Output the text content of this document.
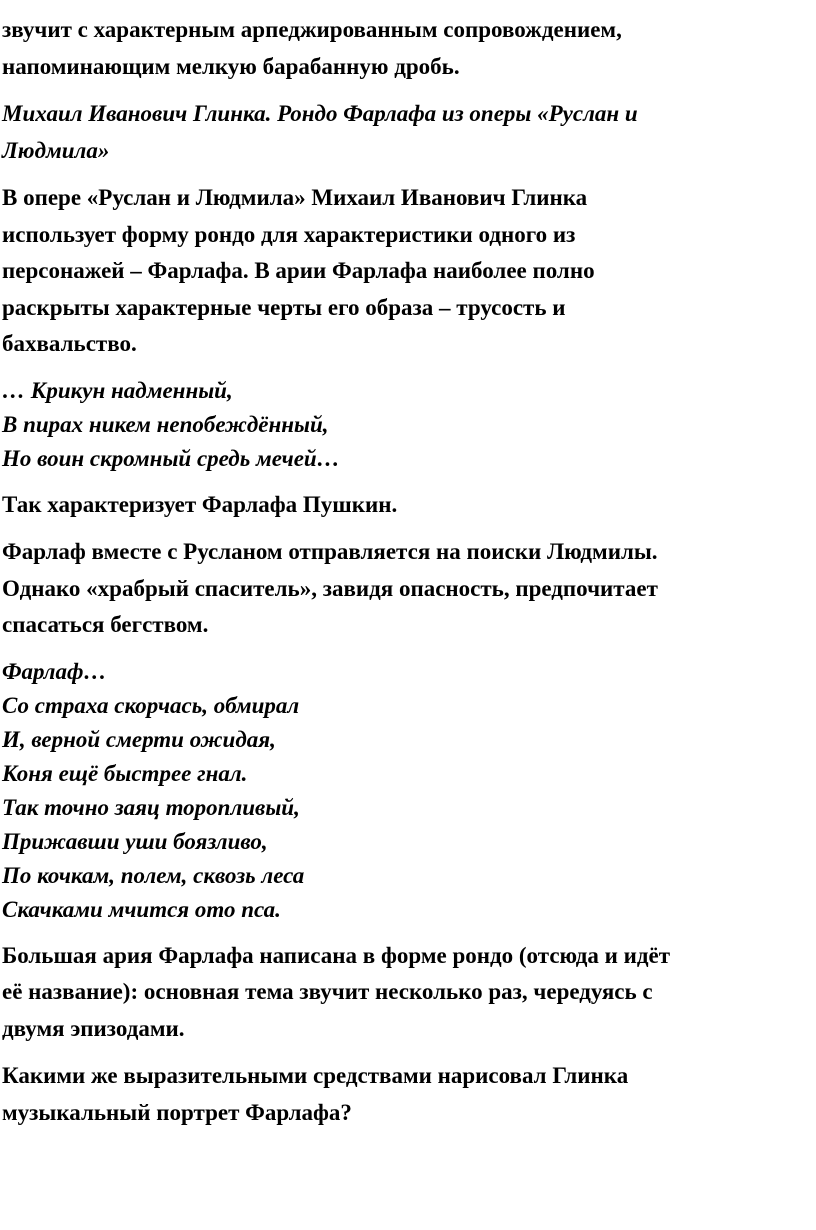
звучит с характерным арпеджированным сопровождением,
напоминающим мелкую барабанную дробь.

Михаил Иванович Глинка. Рондо Фарлафа из оперы «Руслан и
Людмила»

В опере «Руслан и Людмила» Михаил Иванович Глинка
использует форму рондо для характеристики одного из
персонажей – Фарлафа. В арии Фарлафа наиболее полно
раскрыты характерные черты его образа – трусость и
бахвальство.

… Крикун надменный,
В пирах никем непобеждённый,
Но воин скромный средь мечей…

Так характеризует Фарлафа Пушкин.

Фарлаф вместе с Русланом отправляется на поиски Людмилы.
Однако «храбрый спаситель», завидя опасность, предпочитает
спасаться бегством.

Фарлаф…
Со страха скорчась, обмирал
И, верной смерти ожидая,
Коня ещё быстрее гнал.
Так точно заяц торопливый,
Прижавши уши боязливо,
По кочкам, полем, сквозь леса
Скачками мчится ото пса.

Большая ария Фарлафа написана в форме рондо (отсюда и идёт
её название): основная тема звучит несколько раз, чередуясь с
двумя эпизодами.

Какими же выразительными средствами нарисовал Глинка
музыкальный портрет Фарлафа?
